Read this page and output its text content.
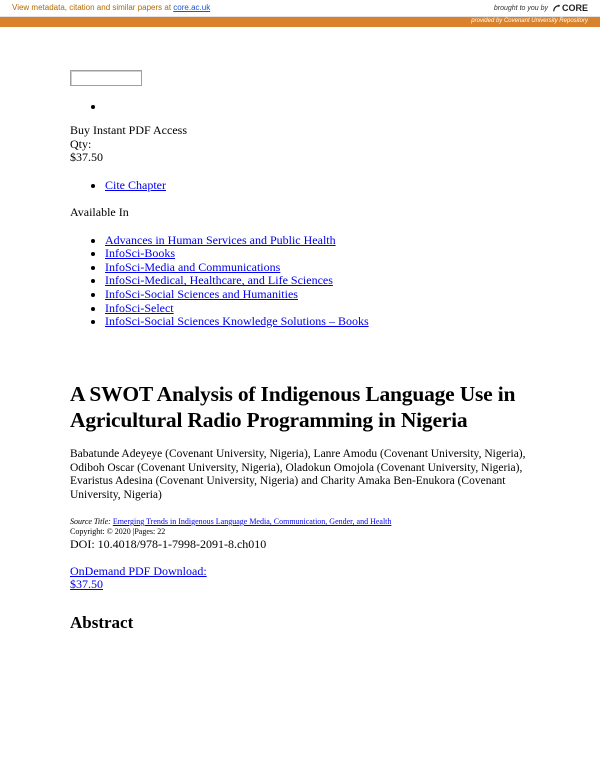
View metadata, citation and similar papers at core.ac.uk	brought to you by CORE
provided by Covenant University Repository
•

Buy Instant PDF Access

Qty:

$37.50

• Cite Chapter

Available In

• Advances in Human Services and Public Health
• InfoSci-Books
• InfoSci-Media and Communications
• InfoSci-Medical, Healthcare, and Life Sciences
• InfoSci-Social Sciences and Humanities
• InfoSci-Select
• InfoSci-Social Sciences Knowledge Solutions – Books
A SWOT Analysis of Indigenous Language Use in Agricultural Radio Programming in Nigeria

Babatunde Adeyeye (Covenant University, Nigeria), Lanre Amodu (Covenant University, Nigeria), Odiboh Oscar (Covenant University, Nigeria), Oladokun Omojola (Covenant University, Nigeria), Evaristus Adesina (Covenant University, Nigeria) and Charity Amaka Ben-Enukora (Covenant University, Nigeria)

Source Title: Emerging Trends in Indigenous Language Media, Communication, Gender, and Health

Copyright: © 2020 |Pages: 22

DOI: 10.4018/978-1-7998-2091-8.ch010

OnDemand PDF Download:

$37.50

Abstract
